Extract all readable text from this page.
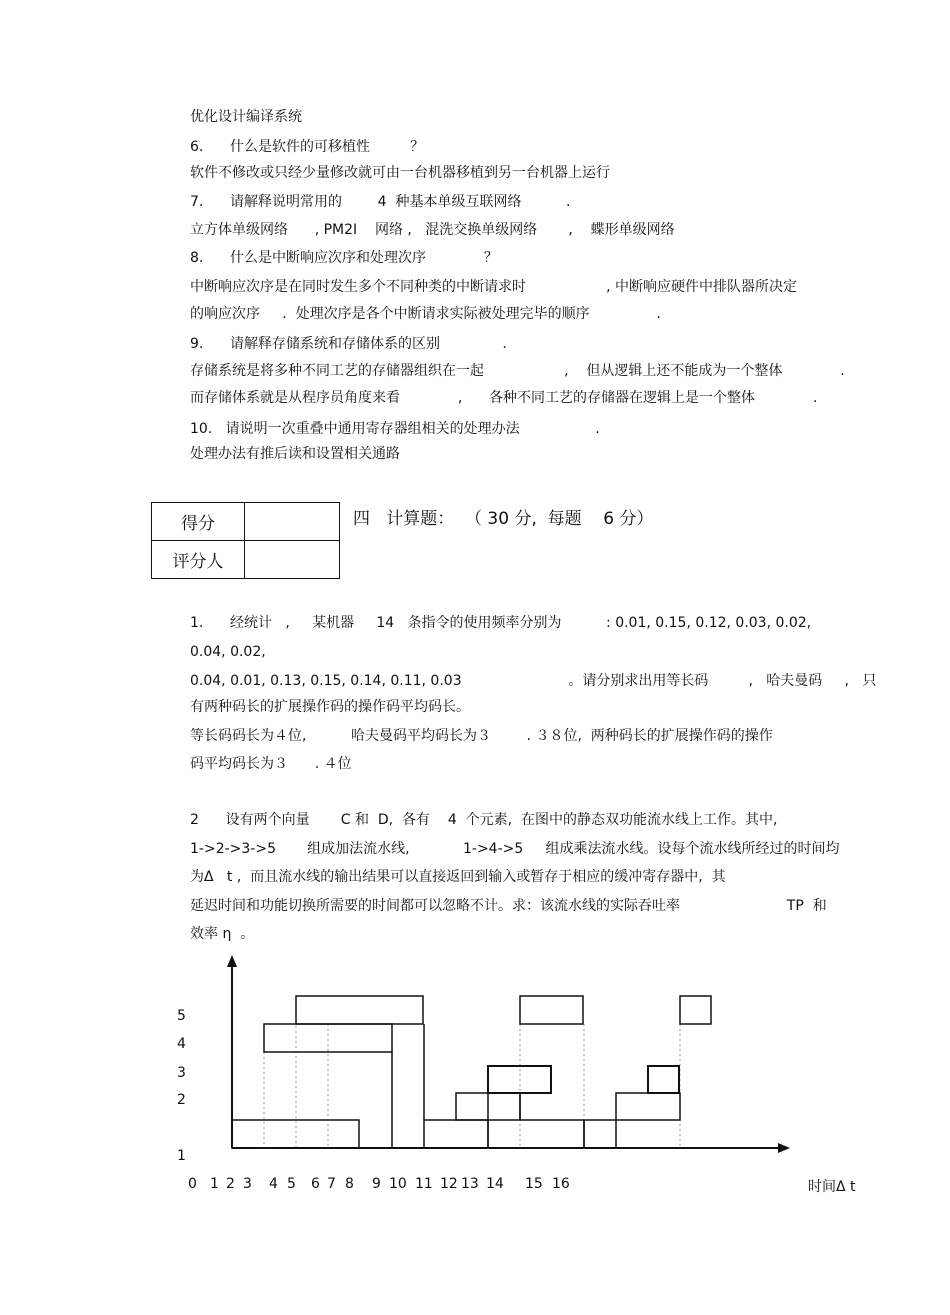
优化设计编译系统
6.      什么是软件的可移植性         ？
软件不修改或只经少量修改就可由一台机器移植到另一台机器上运行
7.      请解释说明常用的        4  种基本单级互联网络          .
立方体单级网络      , PM2I    网络 ,   混洗交换单级网络       ,    蝶形单级网络
8.      什么是中断响应次序和处理次序             ？
中断响应次序是在同时发生多个不同种类的中断请求时                  , 中断响应硬件中排队器所决定
的响应次序     .  处理次序是各个中断请求实际被处理完毕的顺序               .
9.      请解释存储系统和存储体系的区别              .
存储系统是将多种不同工艺的存储器组织在一起                  ,    但从逻辑上还不能成为一个整体             .
而存储体系就是从程序员角度来看             ,      各种不同工艺的存储器在逻辑上是一个整体             .
10.   请说明一次重叠中通用寄存器组相关的处理办法                 .
处理办法有推后读和设置相关通路
1.      经统计   ,     某机器     14   条指令的使用频率分别为          : 0.01, 0.15, 0.12, 0.03, 0.02,
0.04, 0.02,
0.04, 0.01, 0.13, 0.15, 0.14, 0.11, 0.03                        。请分别求出用等长码         ,   哈夫曼码     ,   只
有两种码长的扩展操作码的操作码平均码长。
等长码码长为４位,          哈夫曼码平均码长为３        . ３８位,  两种码长的扩展操作码的操作
码平均码长为３      . ４位
2      设有两个向量       C 和  D,  各有    4  个元素,  在图中的静态双功能流水线上工作。其中,
1->2->3->5       组成加法流水线,            1->4->5     组成乘法流水线。设每个流水线所经过的时间均
为Δ   t ,  而且流水线的输出结果可以直接返回到输入或暂存于相应的缓冲寄存器中,  其
延迟时间和功能切换所需要的时间都可以忽略不计。求：该流水线的实际吞吐率                        TP  和
效率 η  。
得分	
评分人	
四   计算题：  （ 30 分,  每题    6 分）
5
4
3
2
1
0 1 2 3 4 5 6 7 8 9 10 11 12 13 14 15 16	时间Δ t
